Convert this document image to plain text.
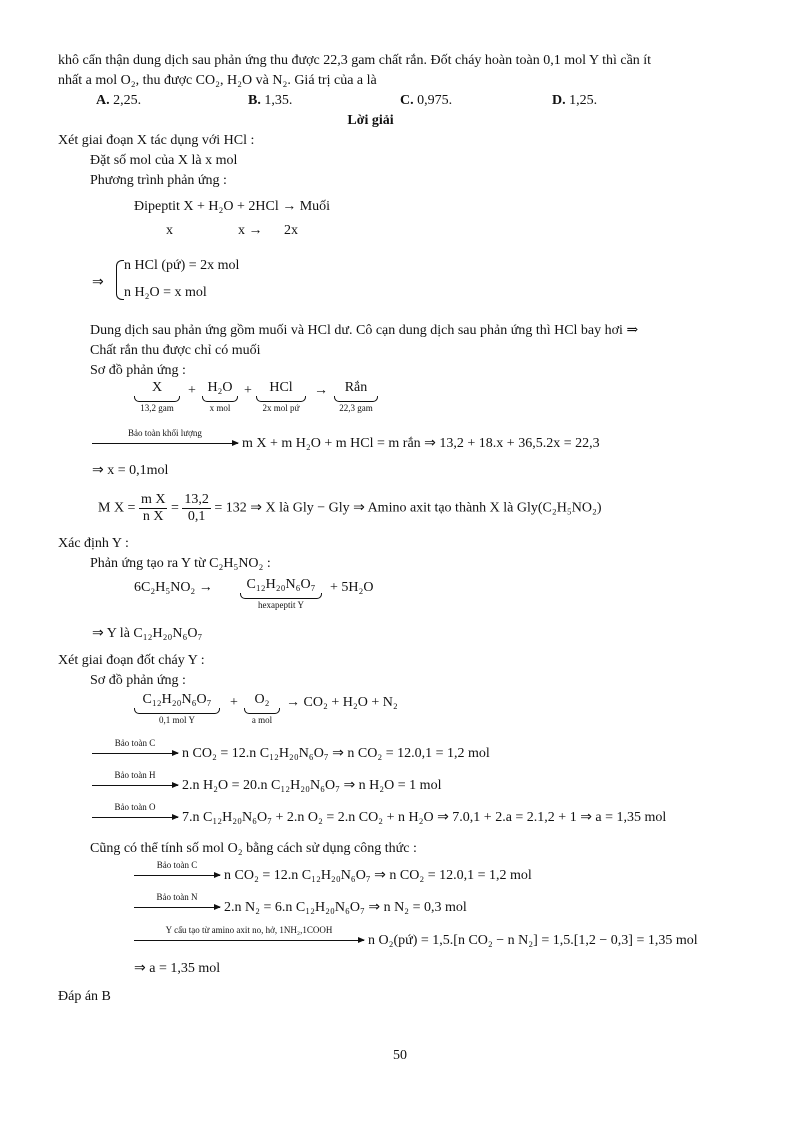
khô cẩn thận dung dịch sau phản ứng thu được 22,3 gam chất rắn. Đốt cháy hoàn toàn 0,1 mol Y thì cần ít
nhất a mol O₂, thu được CO₂, H₂O và N₂. Giá trị của a là
A. 2,25.	B. 1,35.	C. 0,975.	D. 1,25.
Lời giải
Xét giai đoạn X tác dụng với HCl :
Đặt số mol của X là x mol
Phương trình phản ứng :
Đipeptit X + H₂O + 2HCl → Muối
x	x → 2x
⇒
n HCl (pứ) = 2x mol
n H₂O = x mol
Dung dịch sau phản ứng gồm muối và HCl dư. Cô cạn dung dịch sau phản ứng thì HCl bay hơi ⇒
Chất rắn thu được chỉ có muối
Sơ đồ phản ứng :
X
13,2 gam
+ H₂O
x mol
+	HCl
2x mol pứ
→	Rắn
22,3 gam
Bảo toàn khối lượng
m X + m H₂O + m HCl = m rắn ⇒ 13,2 + 18.x + 36,5.2x = 22,3
⇒ x = 0,1mol
M $X = \frac{\text{m X}}{\text{n X}} = \frac{13,2}{0,1} = 132$ ⇒ X là Gly − Gly ⇒ Amino axit tạo thành X là Gly(C₂H₅NO₂)
Xác định Y :
Phản ứng tạo ra Y từ C₂H₅NO₂ :
6C₂H₅NO₂ →	C₁₂H₂₀N₆O₇
hexapeptit Y
+ 5H₂O
⇒ Y là C₁₂H₂₀N₆O₇
Xét giai đoạn đốt cháy Y :
Sơ đồ phản ứng :
C₁₂H₂₀N₆O₇
0,1 mol Y
+	O₂
a mol
→ CO₂ + H₂O + N₂
Bảo toàn C
n CO₂ = 12.n C₁₂H₂₀N₆O₇ ⇒ n CO₂ = 12.0,1 = 1,2 mol
Bảo toàn H
2.n H₂O = 20.n C₁₂H₂₀N₆O₇ ⇒ n H₂O = 1 mol
Bảo toàn O
7.n C₁₂H₂₀N₆O₇ + 2.n O₂ = 2.n CO₂ + n H₂O ⇒ 7.0,1 + 2.a = 2.1,2 + 1 ⇒ a = 1,35 mol
Cũng có thể tính số mol O₂ bằng cách sử dụng công thức :
Bảo toàn C
n CO₂ = 12.n C₁₂H₂₀N₆O₇ ⇒ n CO₂ = 12.0,1 = 1,2 mol
Bảo toàn N
2.n N₂ = 6.n C₁₂H₂₀N₆O₇ ⇒ n N₂ = 0,3 mol
Y cấu tạo từ amino axit no, hở, 1NH₂,1COOH
n O₂(pứ) = 1,5.[n CO₂ − n N₂] = 1,5.[1,2 − 0,3] = 1,35 mol
⇒ a = 1,35 mol
Đáp án B
50
